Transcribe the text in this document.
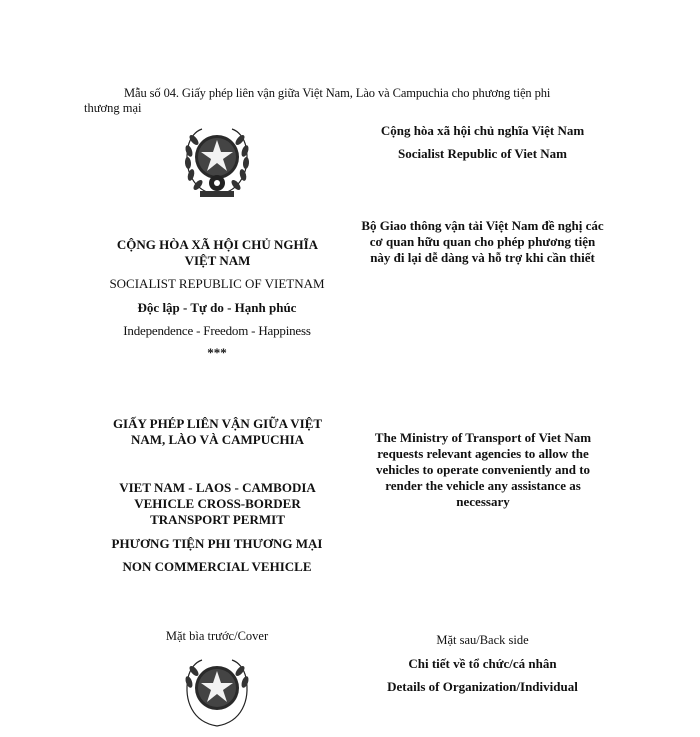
Mẫu số 04. Giấy phép liên vận giữa Việt Nam, Lào và Campuchia cho phương tiện phi

thương mại

CỘNG HÒA XÃ HỘI CHỦ NGHĨA VIỆT NAM

SOCIALIST REPUBLIC OF VIETNAM

Độc lập - Tự do - Hạnh phúc

Independence - Freedom - Happiness

***

GIẤY PHÉP LIÊN VẬN GIỮA VIỆT NAM, LÀO VÀ CAMPUCHIA

VIET NAM - LAOS - CAMBODIA VEHICLE CROSS-BORDER TRANSPORT PERMIT

PHƯƠNG TIỆN PHI THƯƠNG MẠI

NON COMMERCIAL VEHICLE

Mặt bìa trước/Cover

Cộng hòa xã hội chủ nghĩa Việt Nam

Socialist Republic of Viet Nam

Bộ Giao thông vận tải Việt Nam đề nghị các cơ quan hữu quan cho phép phương tiện này đi lại dễ dàng và hỗ trợ khi cần thiết

The Ministry of Transport of Viet Nam requests relevant agencies to allow the vehicles to operate conveniently and to render the vehicle any assistance as necessary

Mặt sau/Back side

Chi tiết về tổ chức/cá nhân

Details of Organization/Individual
